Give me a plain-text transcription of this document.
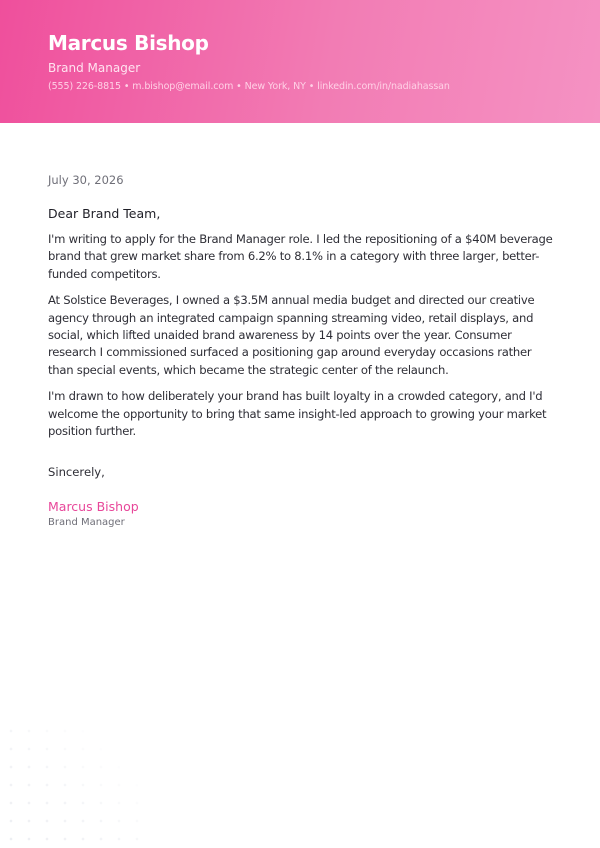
Marcus Bishop
Brand Manager
(555) 226-8815 • m.bishop@email.com • New York, NY • linkedin.com/in/nadiahassan

July 30, 2026

Dear Brand Team,

I'm writing to apply for the Brand Manager role. I led the repositioning of a $40M beverage brand that grew market share from 6.2% to 8.1% in a category with three larger, better-funded competitors.

At Solstice Beverages, I owned a $3.5M annual media budget and directed our creative agency through an integrated campaign spanning streaming video, retail displays, and social, which lifted unaided brand awareness by 14 points over the year. Consumer research I commissioned surfaced a positioning gap around everyday occasions rather than special events, which became the strategic center of the relaunch.

I'm drawn to how deliberately your brand has built loyalty in a crowded category, and I'd welcome the opportunity to bring that same insight-led approach to growing your market position further.

Sincerely,

Marcus Bishop

Brand Manager
